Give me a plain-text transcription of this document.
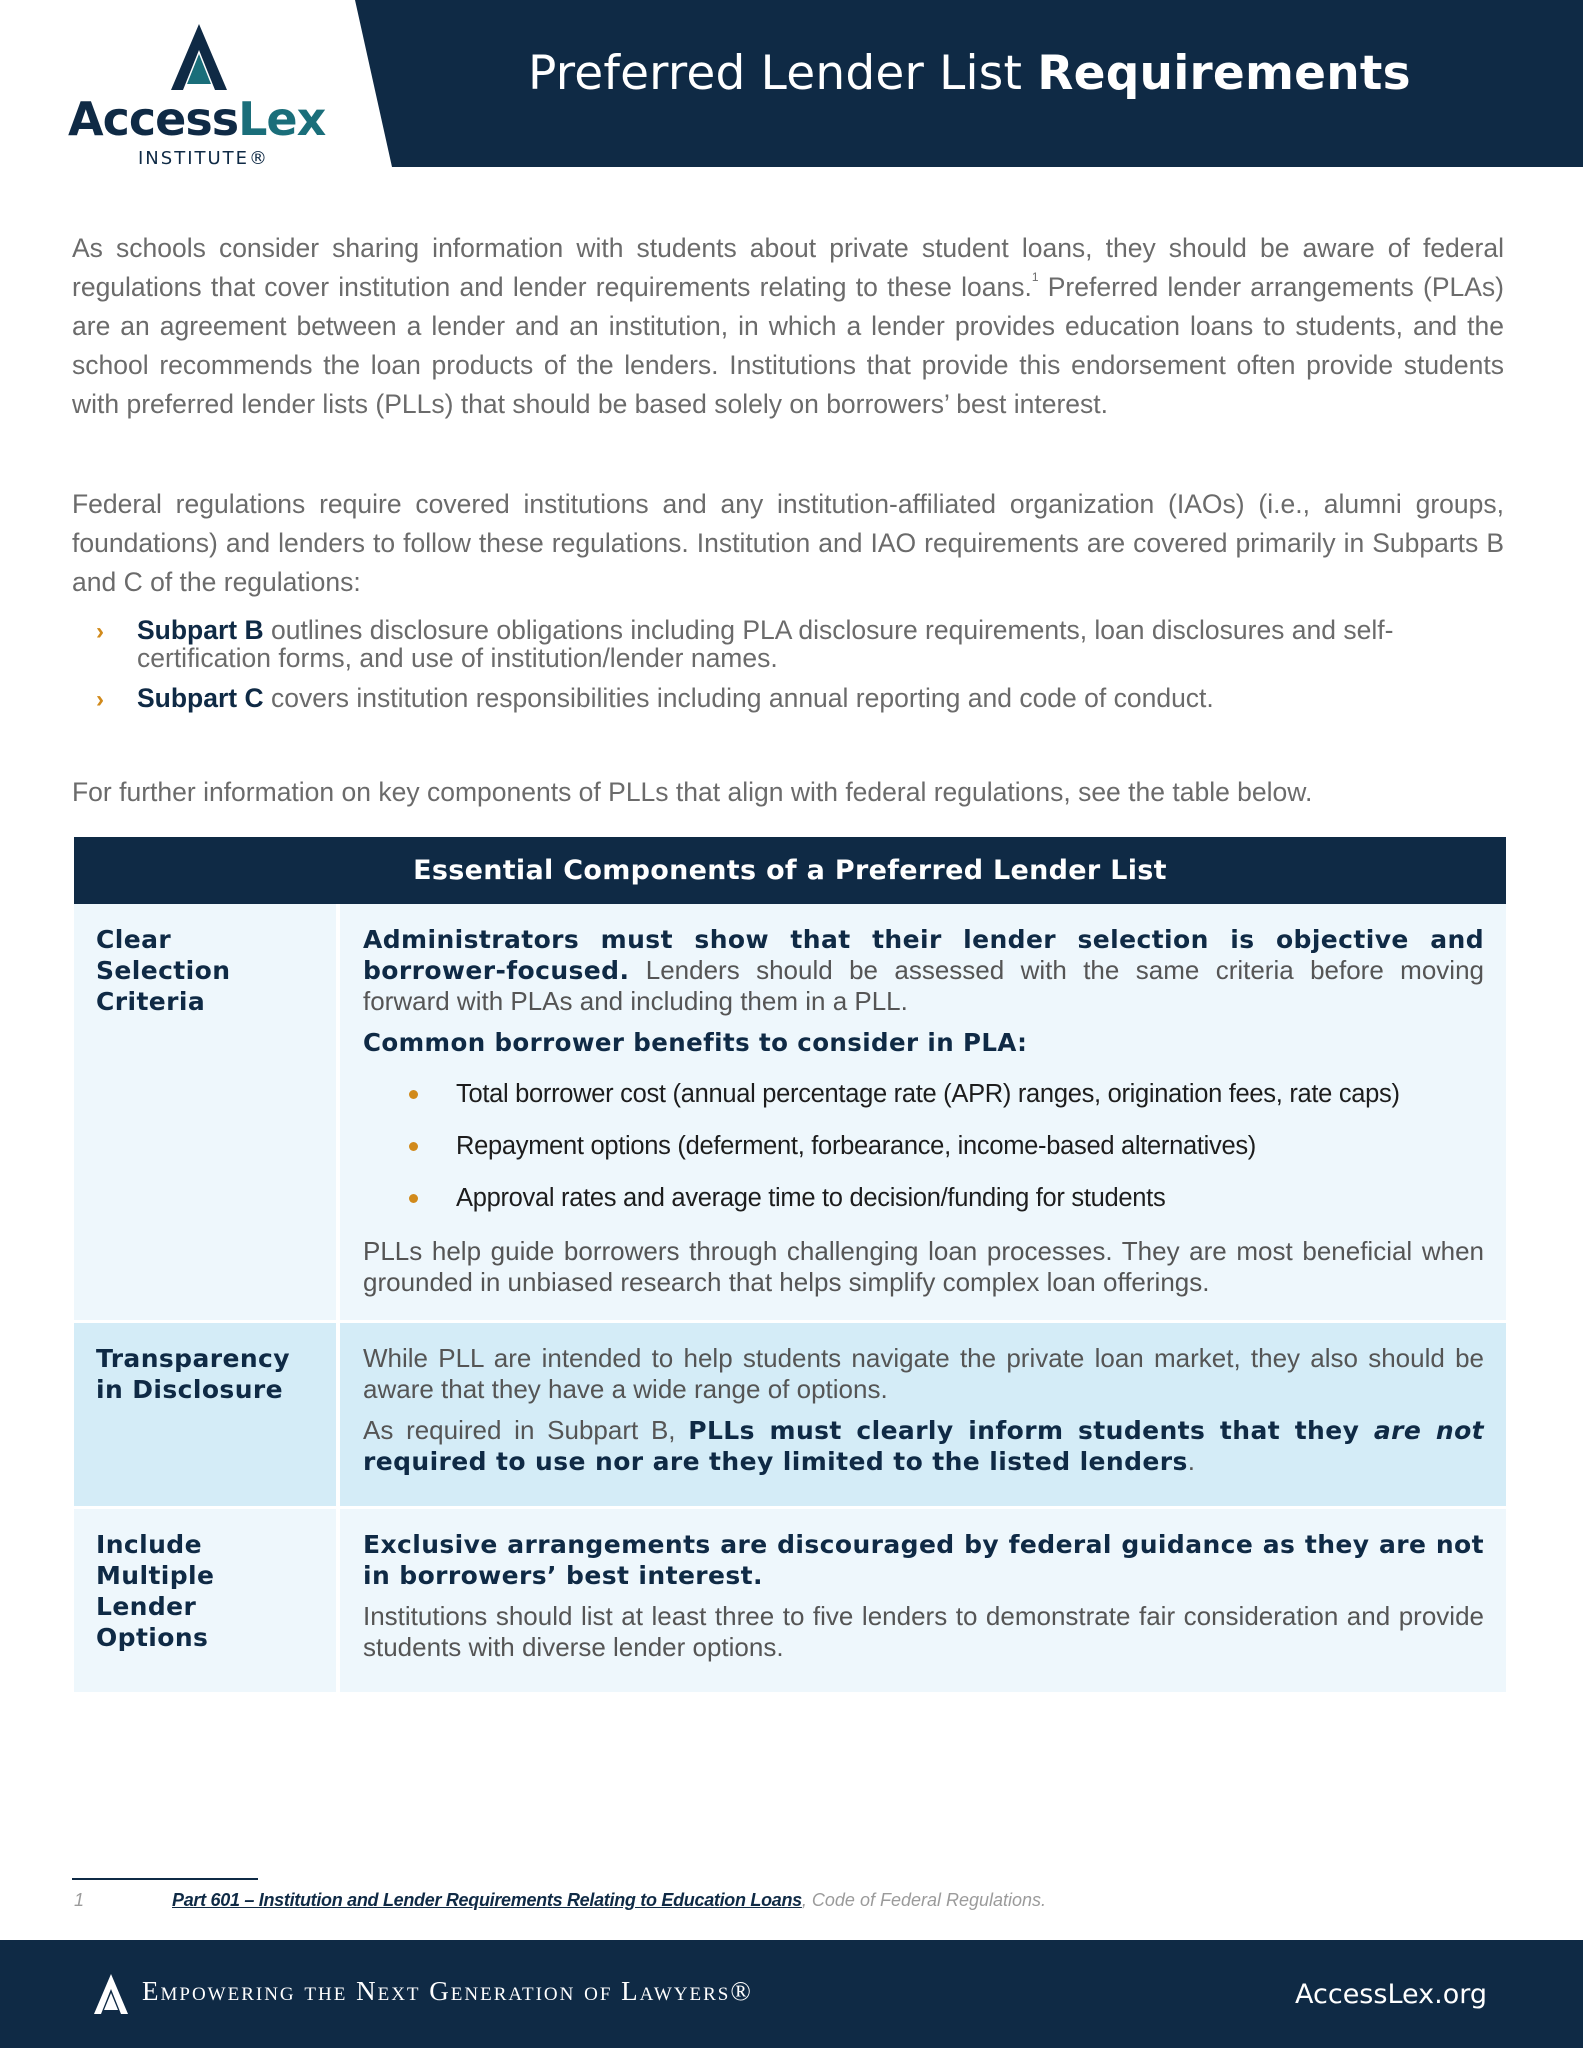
AccessLex
INSTITUTE®
Preferred Lender List Requirements

As schools consider sharing information with students about private student loans, they should be aware of federal regulations that cover institution and lender requirements relating to these loans.$^1$ Preferred lender arrangements (PLAs) are an agreement between a lender and an institution, in which a lender provides education loans to students, and the school recommends the loan products of the lenders. Institutions that provide this endorsement often provide students with preferred lender lists (PLLs) that should be based solely on borrowers’ best interest.

Federal regulations require covered institutions and any institution-affiliated organization (IAOs) (i.e., alumni groups, foundations) and lenders to follow these regulations. Institution and IAO requirements are covered primarily in Subparts B and C of the regulations:

› Subpart B outlines disclosure obligations including PLA disclosure requirements, loan disclosures and self-certification forms, and use of institution/lender names.
› Subpart C covers institution responsibilities including annual reporting and code of conduct.

For further information on key components of PLLs that align with federal regulations, see the table below.

Essential Components of a Preferred Lender List
Clear Selection Criteria
Administrators must show that their lender selection is objective and borrower-focused. Lenders should be assessed with the same criteria before moving forward with PLAs and including them in a PLL.
Common borrower benefits to consider in PLA:
Total borrower cost (annual percentage rate (APR) ranges, origination fees, rate caps)
Repayment options (deferment, forbearance, income-based alternatives)
Approval rates and average time to decision/funding for students
PLLs help guide borrowers through challenging loan processes. They are most beneficial when grounded in unbiased research that helps simplify complex loan offerings.
Transparency in Disclosure
While PLL are intended to help students navigate the private loan market, they also should be aware that they have a wide range of options.
As required in Subpart B, PLLs must clearly inform students that they are not required to use nor are they limited to the listed lenders.
Include Multiple Lender Options
Exclusive arrangements are discouraged by federal guidance as they are not in borrowers’ best interest.
Institutions should list at least three to five lenders to demonstrate fair consideration and provide students with diverse lender options.
1	Part 601 – Institution and Lender Requirements Relating to Education Loans, Code of Federal Regulations.
Empowering the Next Generation of Lawyers®	AccessLex.org
